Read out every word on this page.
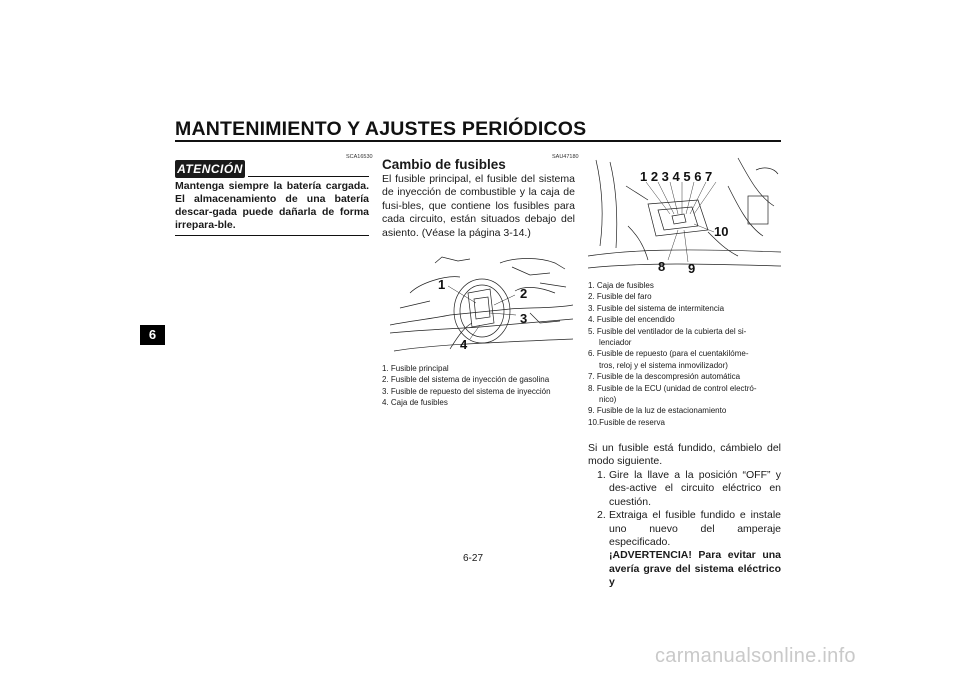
MANTENIMIENTO Y AJUSTES PERIÓDICOS
6
SCA16530
ATENCIÓN
Mantenga siempre la batería cargada. El almacenamiento de una batería descar-gada puede dañarla de forma irrepara-ble.
SAU47180
Cambio de fusibles
El fusible principal, el fusible del sistema de inyección de combustible y la caja de fusi-bles, que contiene los fusibles para cada circuito, están situados debajo del asiento. (Véase la página 3-14.)
1
2
3
4
1. Fusible principal
2. Fusible del sistema de inyección de gasolina
3. Fusible de repuesto del sistema de inyección
4. Caja de fusibles
1 2 3 4 5 6 7
10
8 9
1. Caja de fusibles
2. Fusible del faro
3. Fusible del sistema de intermitencia
4. Fusible del encendido
5. Fusible del ventilador de la cubierta del si-
lenciador
6. Fusible de repuesto (para el cuentakilóme-
tros, reloj y el sistema inmovilizador)
7. Fusible de la descompresión automática
8. Fusible de la ECU (unidad de control electró-
nico)
9. Fusible de la luz de estacionamiento
10.Fusible de reserva
Si un fusible está fundido, cámbielo del modo siguiente.
1. Gire la llave a la posición “OFF” y des-active el circuito eléctrico en cuestión.
2. Extraiga el fusible fundido e instale uno nuevo del amperaje especificado.
¡ADVERTENCIA! Para evitar una avería grave del sistema eléctrico y
6-27
carmanualsonline.info
